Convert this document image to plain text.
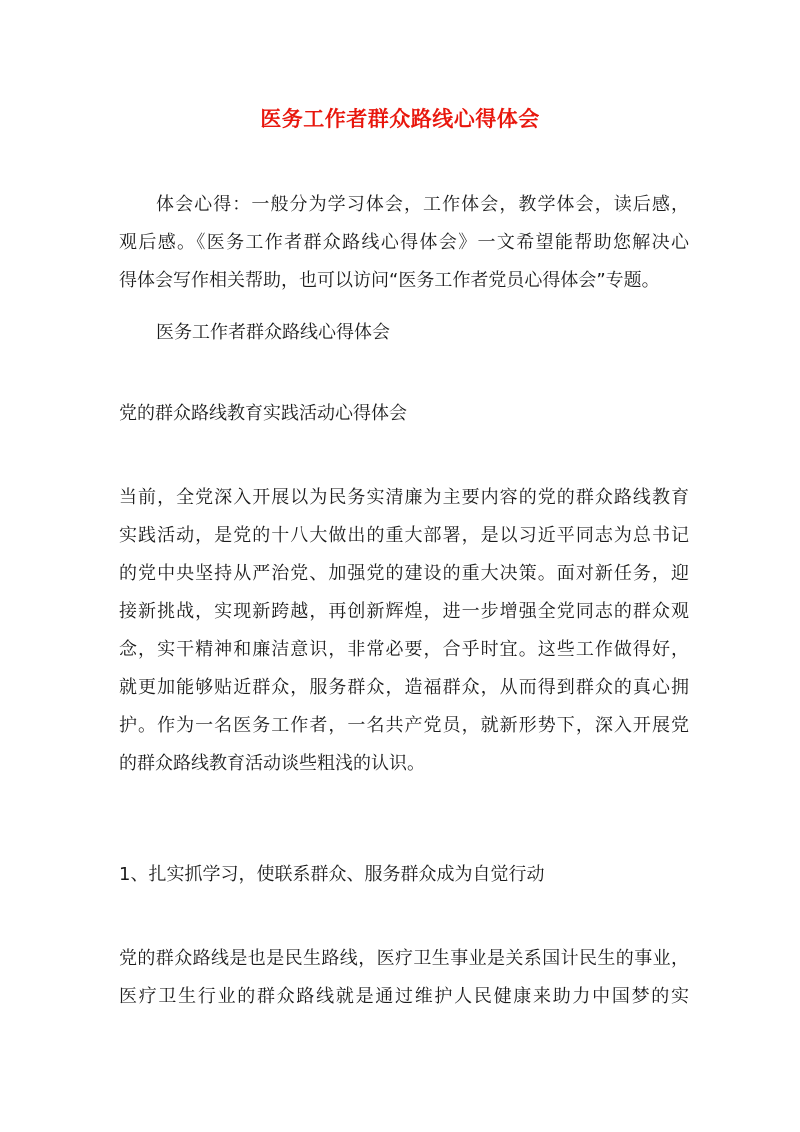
医务工作者群众路线心得体会
体会心得：一般分为学习体会，工作体会，教学体会，读后感，
观后感。《医务工作者群众路线心得体会》一文希望能帮助您解决心
得体会写作相关帮助，也可以访问“医务工作者党员心得体会”专题。
医务工作者群众路线心得体会
党的群众路线教育实践活动心得体会
当前，全党深入开展以为民务实清廉为主要内容的党的群众路线教育
实践活动，是党的十八大做出的重大部署，是以习近平同志为总书记
的党中央坚持从严治党、加强党的建设的重大决策。面对新任务，迎
接新挑战，实现新跨越，再创新辉煌，进一步增强全党同志的群众观
念，实干精神和廉洁意识，非常必要，合乎时宜。这些工作做得好，
就更加能够贴近群众，服务群众，造福群众，从而得到群众的真心拥
护。作为一名医务工作者，一名共产党员，就新形势下，深入开展党
的群众路线教育活动谈些粗浅的认识。
1、扎实抓学习，使联系群众、服务群众成为自觉行动
党的群众路线是也是民生路线，医疗卫生事业是关系国计民生的事业，
医疗卫生行业的群众路线就是通过维护人民健康来助力中国梦的实
